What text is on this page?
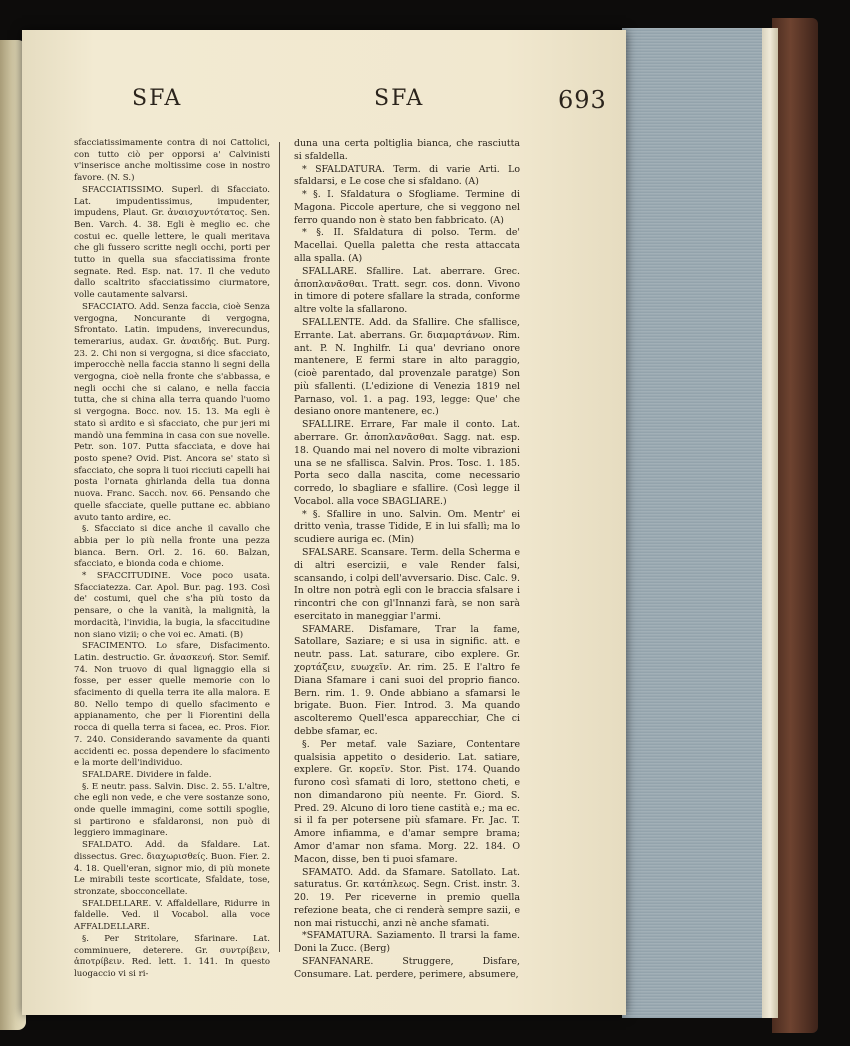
SFA	SFA	693

sfacciatissimamente contra di noi Cattolici, con tutto ciò per opporsi a' Calvinisti v'inserisce anche moltissime cose in nostro favore. (N. S.)

SFACCIATISSIMO. Superl. di Sfacciato. Lat. impudentissimus, impudenter, impudens, Plaut. Gr. ἀναισχυντότατος. Sen. Ben. Varch. 4. 38. Egli è meglio ec. che costui ec. quelle lettere, le quali meritava che gli fussero scritte negli occhi, porti per tutto in quella sua sfacciatissima fronte segnate. Red. Esp. nat. 17. Il che veduto dallo scaltrito sfacciatissimo ciurmatore, volle cautamente salvarsi.

SFACCIATO. Add. Senza faccia, cioè Senza vergogna, Noncurante di vergogna, Sfrontato. Latin. impudens, inverecundus, temerarius, audax. Gr. ἀναιδής. But. Purg. 23. 2. Chi non si vergogna, si dice sfacciato, imperocchè nella faccia stanno li segni della vergogna, cioè nella fronte che s'abbassa, e negli occhi che si calano, e nella faccia tutta, che si china alla terra quando l'uomo si vergogna. Bocc. nov. 15. 13. Ma egli è stato sì ardito e sì sfacciato, che pur jeri mi mandò una femmina in casa con sue novelle. Petr. son. 107. Putta sfacciata, e dove hai posto spene? Ovid. Pist. Ancora se' stato sì sfacciato, che sopra li tuoi ricciuti capelli hai posta l'ornata ghirlanda della tua donna nuova. Franc. Sacch. nov. 66. Pensando che quelle sfacciate, quelle puttane ec. abbiano avuto tanto ardire, ec.

§. Sfacciato si dice anche il cavallo che abbia per lo più nella fronte una pezza bianca. Bern. Orl. 2. 16. 60. Balzan, sfacciato, e bionda coda e chiome.

* SFACCITUDINE. Voce poco usata. Sfacciatezza. Car. Apol. Bur. pag. 193. Così de' costumi, quel che s'ha più tosto da pensare, o che la vanità, la malignità, la mordacità, l'invidia, la bugia, la sfaccitudine non siano vizii; o che voi ec. Amati. (B)

SFACIMENTO. Lo sfare, Disfacimento. Latin. destructio. Gr. ἀνασκευή. Stor. Semif. 74. Non truovo di qual lignaggio ella si fosse, per esser quelle memorie con lo sfacimento di quella terra ite alla malora. E 80. Nello tempo di quello sfacimento e appianamento, che per li Fiorentini della rocca di quella terra si facea, ec. Pros. Fior. 7. 240. Considerando savamente da quanti accidenti ec. possa dependere lo sfacimento e la morte dell'individuo.

SFALDARE. Dividere in falde.

§. E neutr. pass. Salvin. Disc. 2. 55. L'altre, che egli non vede, e che vere sostanze sono, onde quelle immagini, come sottili spoglie, si partirono e sfaldaronsi, non può di leggiero immaginare.

SFALDATO. Add. da Sfaldare. Lat. dissectus. Grec. διαχωρισθείς. Buon. Fier. 2. 4. 18. Quell'eran, signor mio, di più monete Le mirabili teste scorticate, Sfaldate, tose, stronzate, sbocconcellate.

SFALDELLARE. V. Affaldellare, Ridurre in faldelle. Ved. il Vocabol. alla voce AFFALDELLARE.

§. Per Stritolare, Sfarinare. Lat. comminuere, deterere. Gr. συντρίβειν, ἀποτρίβειν. Red. lett. 1. 141. In questo luogaccio vi si ri-

duna una certa poltiglia bianca, che rasciutta si sfaldella.

* SFALDATURA. Term. di varie Arti. Lo sfaldarsi, e Le cose che si sfaldano. (A)

* §. I. Sfaldatura o Sfogliame. Termine di Magona. Piccole aperture, che si veggono nel ferro quando non è stato ben fabbricato. (A)

* §. II. Sfaldatura di polso. Term. de' Macellai. Quella paletta che resta attaccata alla spalla. (A)

SFALLARE. Sfallire. Lat. aberrare. Grec. ἀποπλανᾶσθαι. Tratt. segr. cos. donn. Vivono in timore di potere sfallare la strada, conforme altre volte la sfallarono.

SFALLENTE. Add. da Sfallire. Che sfallisce, Errante. Lat. aberrans. Gr. διαμαρτάνων. Rim. ant. P. N. Inghilfr. Li qua' devriano onore mantenere, E fermi stare in alto paraggio, (cioè parentado, dal provenzale paratge) Son più sfallenti. (L'edizione di Venezia 1819 nel Parnaso, vol. 1. a pag. 193, legge: Que' che desiano onore mantenere, ec.)

SFALLIRE. Errare, Far male il conto. Lat. aberrare. Gr. ἀποπλανᾶσθαι. Sagg. nat. esp. 18. Quando mai nel novero di molte vibrazioni una se ne sfallisca. Salvin. Pros. Tosc. 1. 185. Porta seco dalla nascita, come necessario corredo, lo sbagliare e sfallire. (Così legge il Vocabol. alla voce SBAGLIARE.)

* §. Sfallire in uno. Salvin. Om. Mentr' ei dritto venìa, trasse Tidide, E in lui sfallì; ma lo scudiere auriga ec. (Min)

SFALSARE. Scansare. Term. della Scherma e di altri esercizii, e vale Render falsi, scansando, i colpi dell'avversario. Disc. Calc. 9. In oltre non potrà egli con le braccia sfalsare i rincontri che con gl'Innanzi farà, se non sarà esercitato in maneggiar l'armi.

SFAMARE. Disfamare, Trar la fame, Satollare, Saziare; e si usa in signific. att. e neutr. pass. Lat. saturare, cibo explere. Gr. χορτάζειν, ευωχεῖν. Ar. rim. 25. E l'altro fe Diana Sfamare i cani suoi del proprio fianco. Bern. rim. 1. 9. Onde abbiano a sfamarsi le brigate. Buon. Fier. Introd. 3. Ma quando ascolteremo Quell'esca apparecchiar, Che ci debbe sfamar, ec.

§. Per metaf. vale Saziare, Contentare qualsisia appetito o desiderio. Lat. satiare, explere. Gr. κορεῖν. Stor. Pist. 174. Quando furono così sfamati di loro, stettono cheti, e non dimandarono più neente. Fr. Giord. S. Pred. 29. Alcuno di loro tiene castità e.; ma ec. si il fa per potersene più sfamare. Fr. Jac. T. Amore infiamma, e d'amar sempre brama; Amor d'amar non sfama. Morg. 22. 184. O Macon, disse, ben ti puoi sfamare.

SFAMATO. Add. da Sfamare. Satollato. Lat. saturatus. Gr. κατάπλεως. Segn. Crist. instr. 3. 20. 19. Per riceverne in premio quella refezione beata, che ci renderà sempre sazii, e non mai ristucchi, anzi nè anche sfamati.

*SFAMATURA. Saziamento. Il trarsi la fame. Doni la Zucc. (Berg)

SFANFANARE. Struggere, Disfare, Consumare. Lat. perdere, perimere, absumere,
